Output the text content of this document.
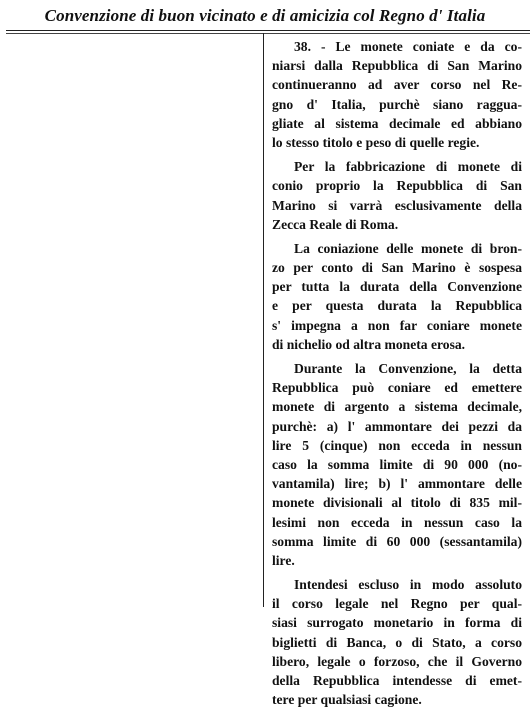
Convenzione di buon vicinato e di amicizia col Regno d' Italia
38. - Le monete coniate e da co-
niarsi dalla Repubblica di San Marino
continueranno ad aver corso nel Re-
gno d' Italia, purchè siano raggua-
gliate al sistema decimale ed abbiano
lo stesso titolo e peso di quelle regie.
Per la fabbricazione di monete di
conio proprio la Repubblica di San
Marino si varrà esclusivamente della
Zecca Reale di Roma.
La coniazione delle monete di bron-
zo per conto di San Marino è sospesa
per tutta la durata della Convenzione
e per questa durata la Repubblica
s' impegna a non far coniare monete
di nichelio od altra moneta erosa.
Durante la Convenzione, la detta
Repubblica può coniare ed emettere
monete di argento a sistema decimale,
purchè: a) l' ammontare dei pezzi da
lire 5 (cinque) non ecceda in nessun
caso la somma limite di 90 000 (no-
vantamila) lire; b) l' ammontare delle
monete divisionali al titolo di 835 mil-
lesimi non ecceda in nessun caso la
somma limite di 60 000 (sessantamila)
lire.
Intendesi escluso in modo assoluto
il corso legale nel Regno per qual-
siasi surrogato monetario in forma di
biglietti di Banca, o di Stato, a corso
libero, legale o forzoso, che il Governo
della Repubblica intendesse di emet-
tere per qualsiasi cagione.
